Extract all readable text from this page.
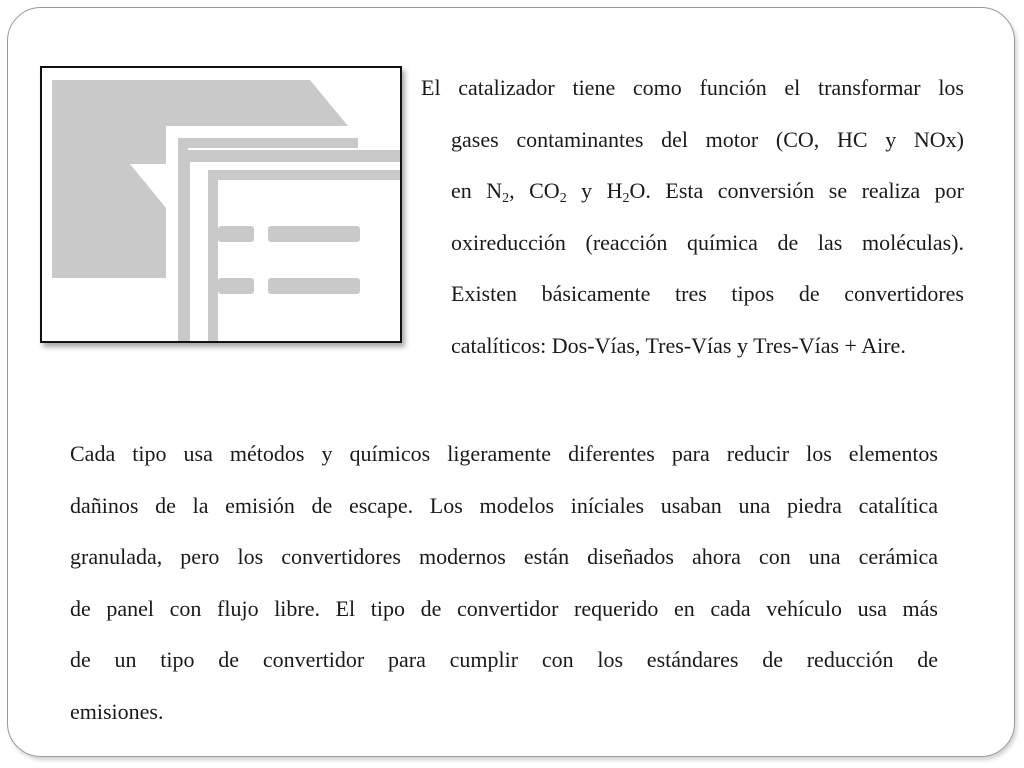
El catalizador tiene como función el transformar los
gases contaminantes del motor (CO, HC y NOx)
en $N_2$, $CO_2$ y $H_2O$. Esta conversión se realiza por
oxireducción (reacción química de las moléculas).
Existen básicamente tres tipos de convertidores
catalíticos: Dos-Vías, Tres-Vías y Tres-Vías + Aire.

Cada tipo usa métodos y químicos ligeramente diferentes para reducir los elementos
dañinos de la emisión de escape. Los modelos iníciales usaban una piedra catalítica
granulada, pero los convertidores modernos están diseñados ahora con una cerámica
de panel con flujo libre. El tipo de convertidor requerido en cada vehículo usa más
de un tipo de convertidor para cumplir con los estándares de reducción de
emisiones.
